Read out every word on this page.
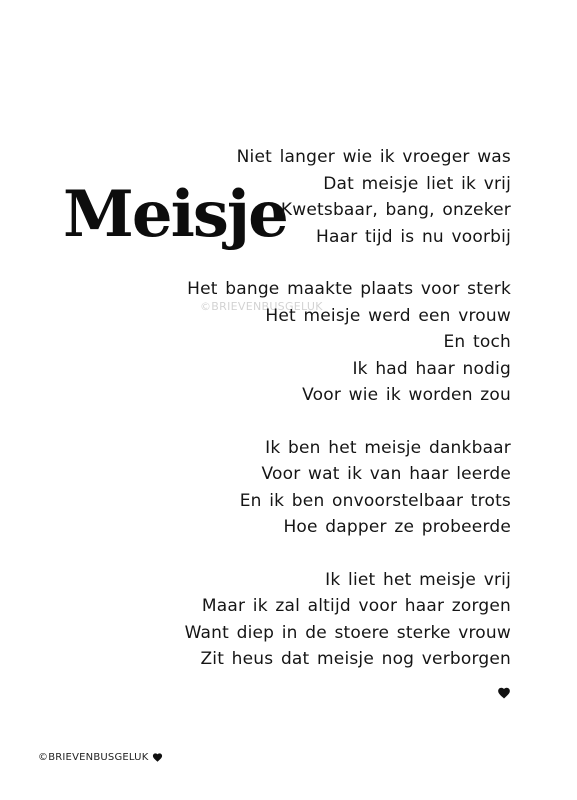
Meisje
©BRIEVENBUSGELUK
Niet langer wie ik vroeger was
Dat meisje liet ik vrij
Kwetsbaar, bang, onzeker
Haar tijd is nu voorbij
Het bange maakte plaats voor sterk
Het meisje werd een vrouw
En toch
Ik had haar nodig
Voor wie ik worden zou
Ik ben het meisje dankbaar
Voor wat ik van haar leerde
En ik ben onvoorstelbaar trots
Hoe dapper ze probeerde
Ik liet het meisje vrij
Maar ik zal altijd voor haar zorgen
Want diep in de stoere sterke vrouw
Zit heus dat meisje nog verborgen
©BRIEVENBUSGELUK
